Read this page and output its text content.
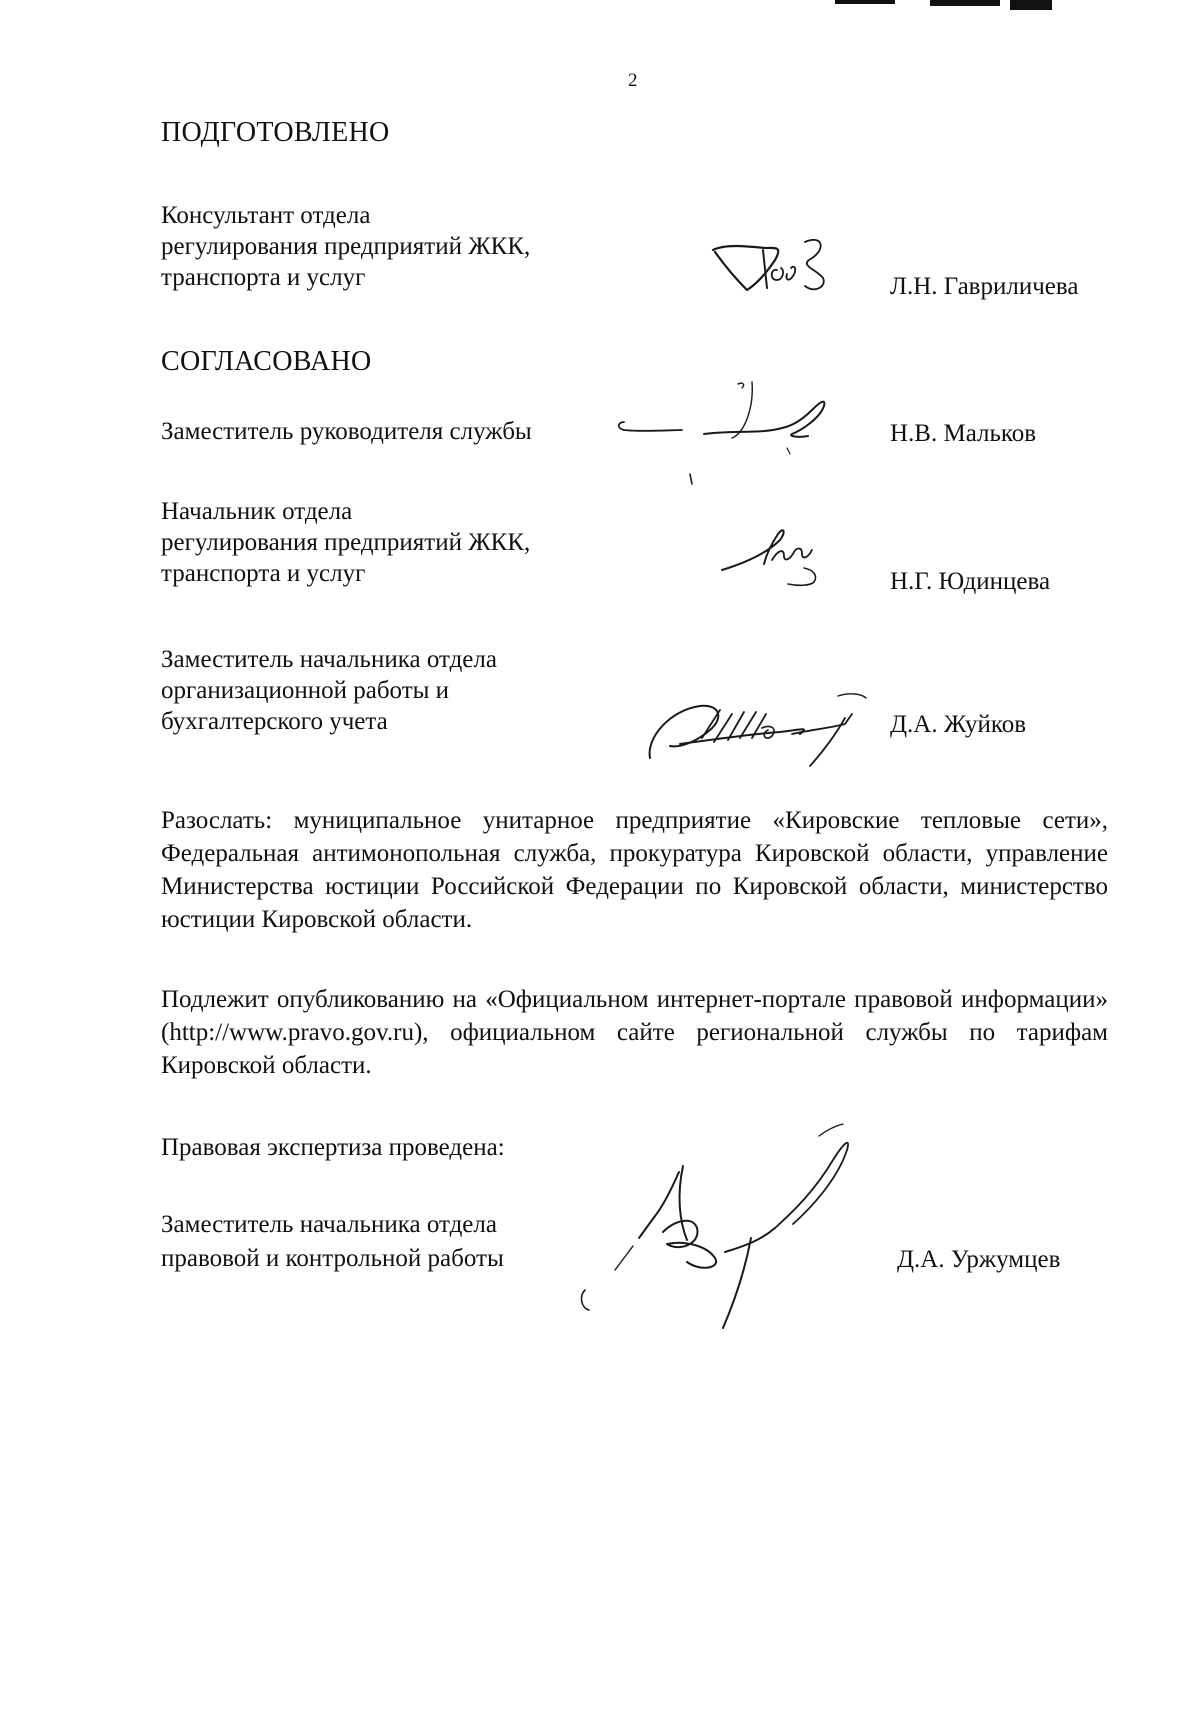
2
ПОДГОТОВЛЕНО
Консультант отдела
регулирования предприятий ЖКК,
транспорта и услуг	Л.Н. Гавриличева
СОГЛАСОВАНО
Заместитель руководителя службы	Н.В. Мальков
Начальник отдела
регулирования предприятий ЖКК,
транспорта и услуг	Н.Г. Юдинцева
Заместитель начальника отдела
организационной работы и
бухгалтерского учета	Д.А. Жуйков
Разослать: муниципальное унитарное предприятие «Кировские тепловые сети», Федеральная антимонопольная служба, прокуратура Кировской области, управление Министерства юстиции Российской Федерации по Кировской области, министерство юстиции Кировской области.
Подлежит опубликованию на «Официальном интернет-портале правовой информации» (http://www.pravo.gov.ru), официальном сайте региональной службы по тарифам Кировской области.
Правовая экспертиза проведена:
Заместитель начальника отдела
правовой и контрольной работы	Д.А. Уржумцев
